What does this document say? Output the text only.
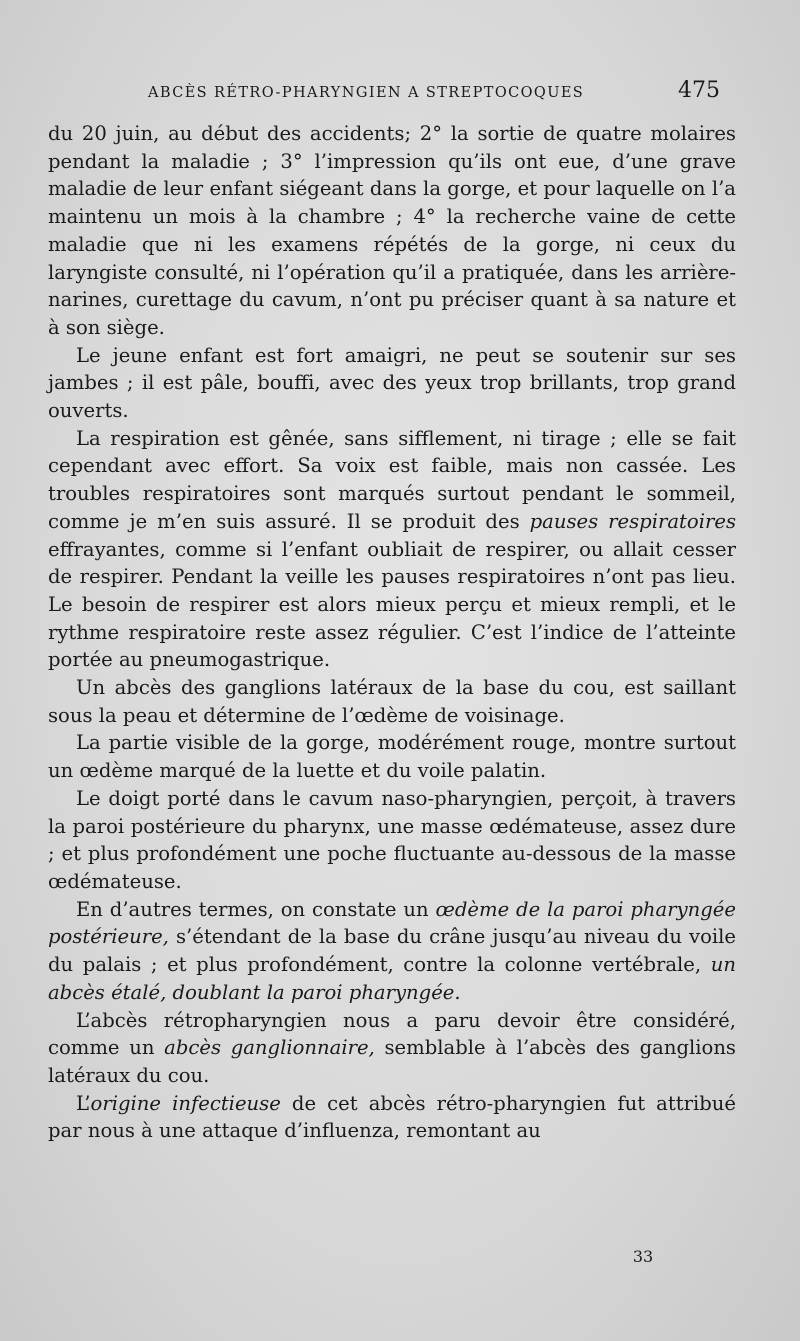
ABCÈS RÉTRO-PHARYNGIEN A STREPTOCOQUES	475

du 20 juin, au début des accidents; 2° la sortie de quatre molaires pendant la maladie ; 3° l’impression qu’ils ont eue, d’une grave maladie de leur enfant siégeant dans la gorge, et pour laquelle on l’a maintenu un mois à la chambre ; 4° la recherche vaine de cette maladie que ni les examens répétés de la gorge, ni ceux du laryngiste consulté, ni l’opération qu’il a pratiquée, dans les arrière-narines, curettage du cavum, n’ont pu préciser quant à sa nature et à son siège.

Le jeune enfant est fort amaigri, ne peut se soutenir sur ses jambes ; il est pâle, bouffi, avec des yeux trop brillants, trop grand ouverts.

La respiration est gênée, sans sifflement, ni tirage ; elle se fait cependant avec effort. Sa voix est faible, mais non cassée. Les troubles respiratoires sont marqués surtout pendant le sommeil, comme je m’en suis assuré. Il se produit des pauses respiratoires effrayantes, comme si l’enfant oubliait de respirer, ou allait cesser de respirer. Pendant la veille les pauses respiratoires n’ont pas lieu. Le besoin de respirer est alors mieux perçu et mieux rempli, et le rythme respiratoire reste assez régulier. C’est l’indice de l’atteinte portée au pneumogastrique.

Un abcès des ganglions latéraux de la base du cou, est saillant sous la peau et détermine de l’œdème de voisinage.

La partie visible de la gorge, modérément rouge, montre surtout un œdème marqué de la luette et du voile palatin.

Le doigt porté dans le cavum naso-pharyngien, perçoit, à travers la paroi postérieure du pharynx, une masse œdémateuse, assez dure ; et plus profondément une poche fluctuante au-dessous de la masse œdémateuse.

En d’autres termes, on constate un œdème de la paroi pharyngée postérieure, s’étendant de la base du crâne jusqu’au niveau du voile du palais ; et plus profondément, contre la colonne vertébrale, un abcès étalé, doublant la paroi pharyngée.

L’abcès rétropharyngien nous a paru devoir être considéré, comme un abcès ganglionnaire, semblable à l’abcès des ganglions latéraux du cou.

L’origine infectieuse de cet abcès rétro-pharyngien fut attribué par nous à une attaque d’influenza, remontant au

33
